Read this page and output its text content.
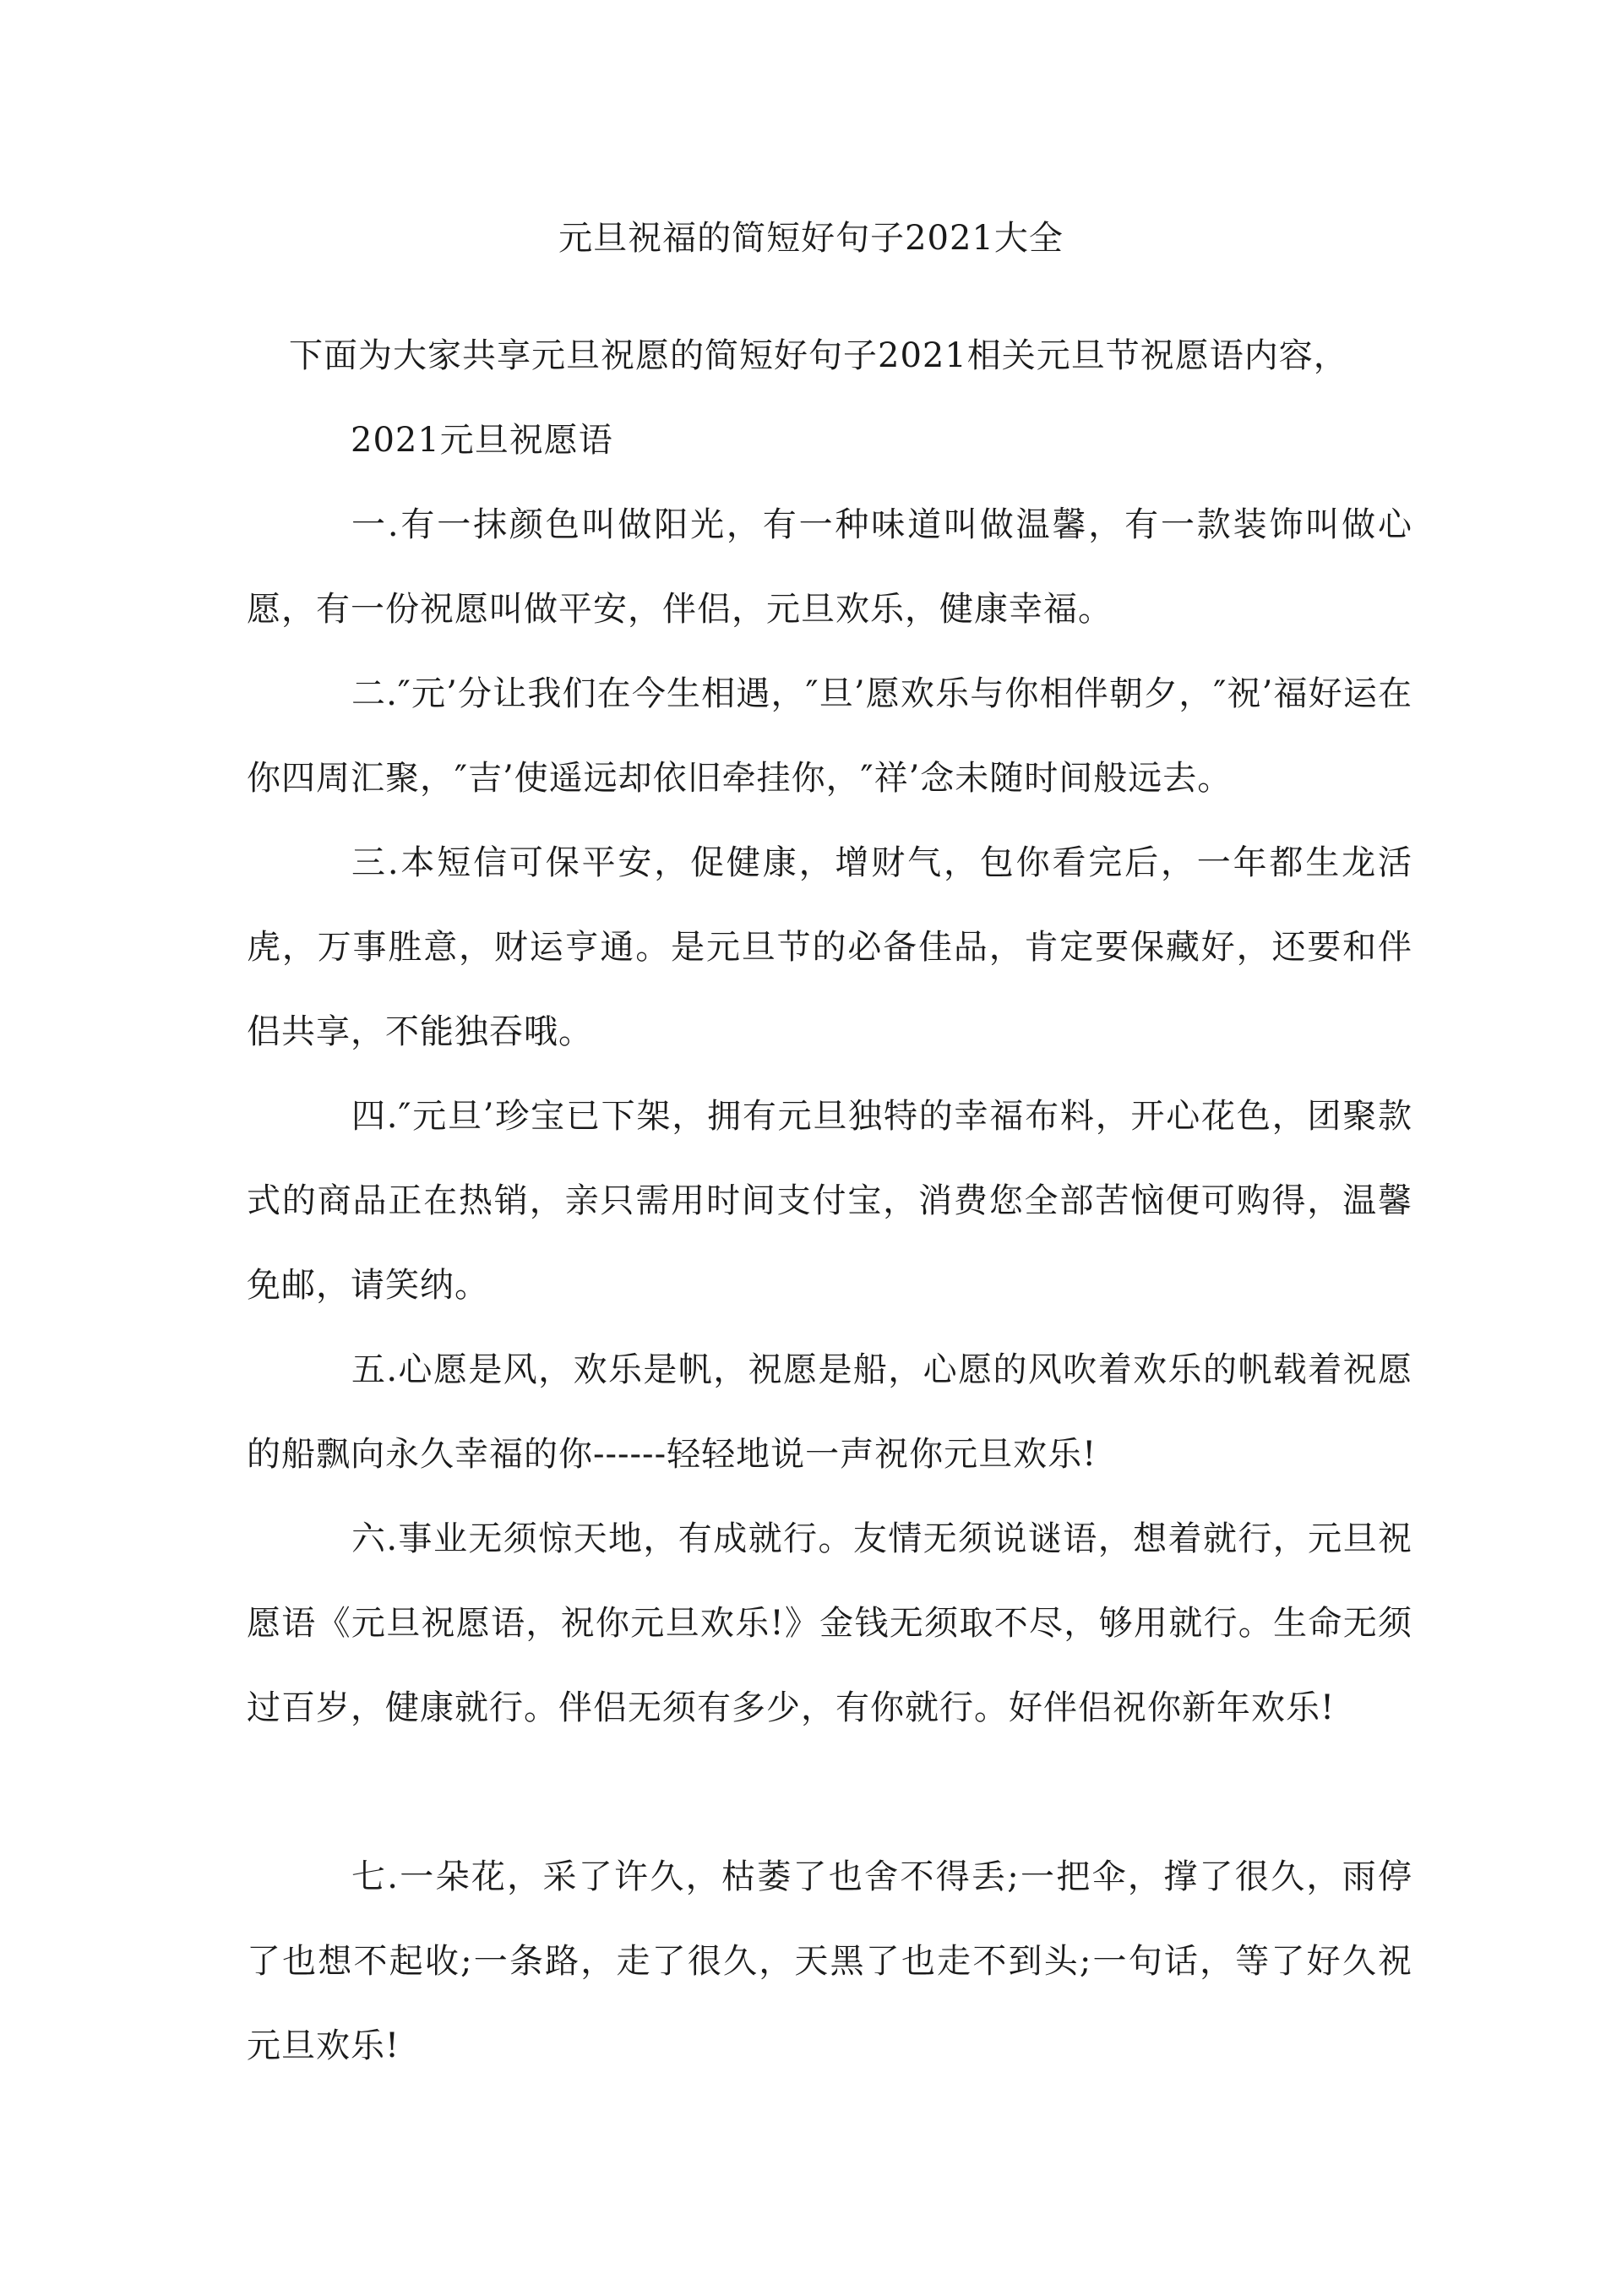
元旦祝福的简短好句子2021大全

下面为大家共享元旦祝愿的简短好句子2021相关元旦节祝愿语内容，

2021元旦祝愿语

一.有一抹颜色叫做阳光，有一种味道叫做温馨，有一款装饰叫做心愿，有一份祝愿叫做平安，伴侣，元旦欢乐，健康幸福。

二.″元’分让我们在今生相遇，″旦’愿欢乐与你相伴朝夕，″祝’福好运在你四周汇聚，″吉’使遥远却依旧牵挂你，″祥’念未随时间般远去。

三.本短信可保平安，促健康，增财气，包你看完后，一年都生龙活虎，万事胜意，财运亨通。是元旦节的必备佳品，肯定要保藏好，还要和伴侣共享，不能独吞哦。

四.″元旦’珍宝已下架，拥有元旦独特的幸福布料，开心花色，团聚款式的商品正在热销，亲只需用时间支付宝，消费您全部苦恼便可购得，温馨免邮，请笑纳。

五.心愿是风，欢乐是帆，祝愿是船，心愿的风吹着欢乐的帆载着祝愿的船飘向永久幸福的你------轻轻地说一声祝你元旦欢乐!

六.事业无须惊天地，有成就行。友情无须说谜语，想着就行，元旦祝愿语《元旦祝愿语，祝你元旦欢乐!》金钱无须取不尽，够用就行。生命无须过百岁，健康就行。伴侣无须有多少，有你就行。好伴侣祝你新年欢乐!

七.一朵花，采了许久，枯萎了也舍不得丢;一把伞，撑了很久，雨停了也想不起收;一条路，走了很久，天黑了也走不到头;一句话，等了好久祝元旦欢乐!
